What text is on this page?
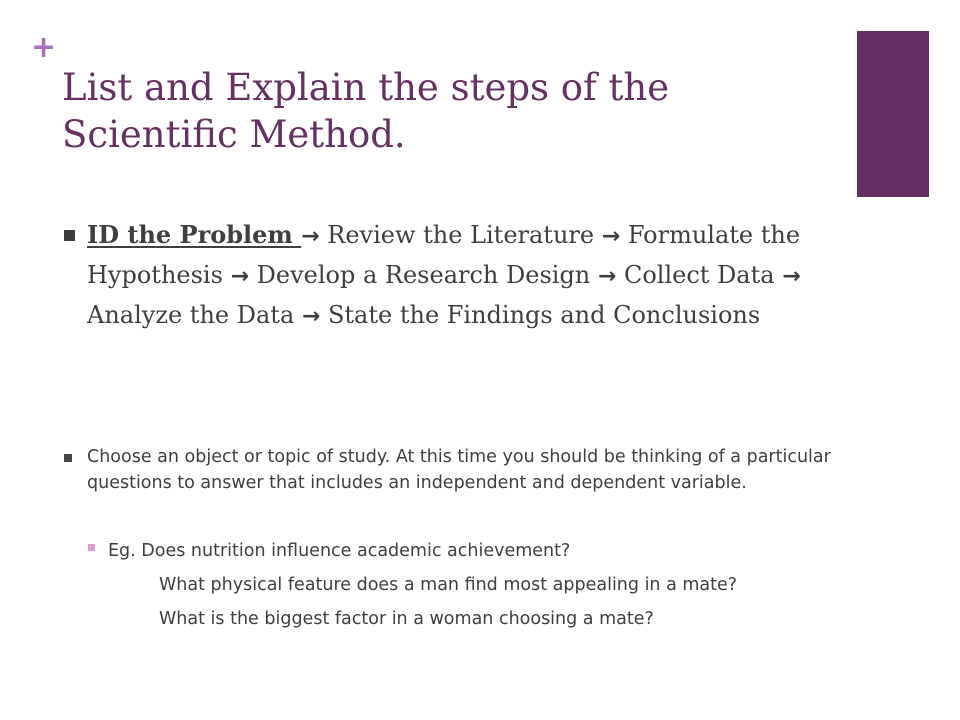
+
List and Explain the steps of the Scientific Method.
ID the Problem → Review the Literature → Formulate the Hypothesis → Develop a Research Design → Collect Data → Analyze the Data → State the Findings and Conclusions
Choose an object or topic of study. At this time you should be thinking of a particular questions to answer that includes an independent and dependent variable.
Eg. Does nutrition influence academic achievement?
What physical feature does a man find most appealing in a mate?
What is the biggest factor in a woman choosing a mate?
